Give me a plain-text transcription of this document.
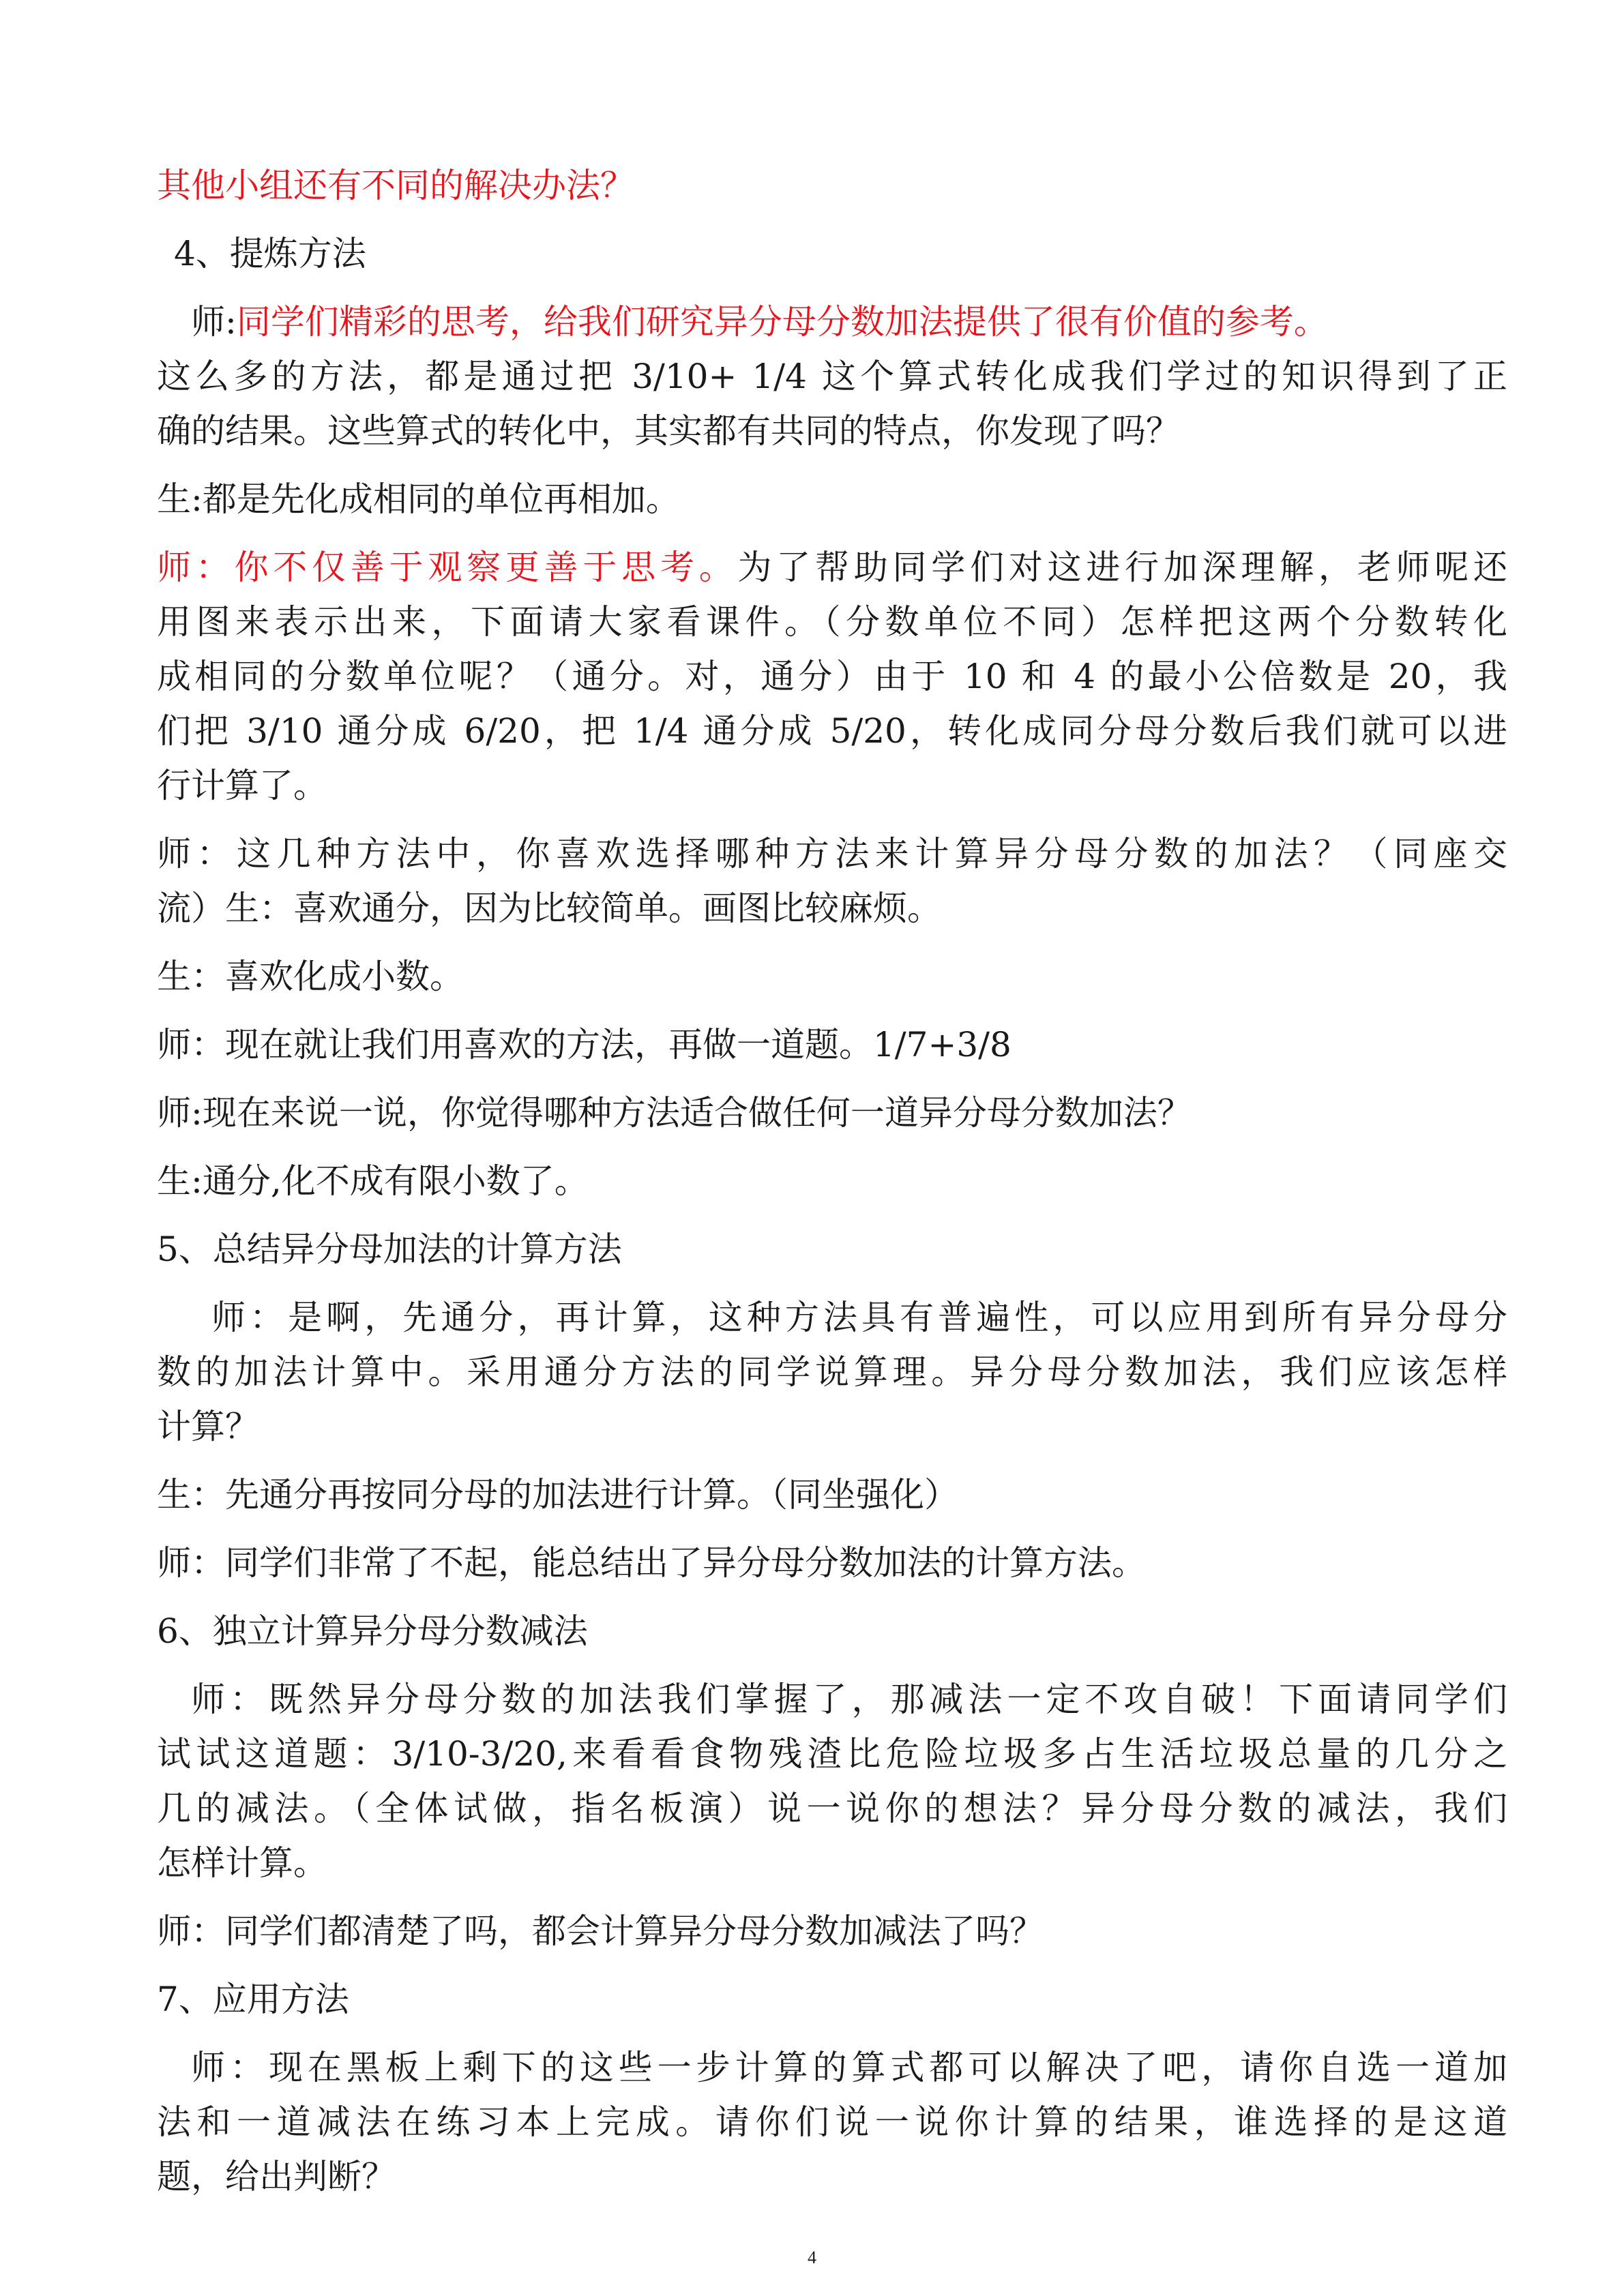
其他小组还有不同的解决办法？
4、提炼方法
师:同学们精彩的思考，给我们研究异分母分数加法提供了很有价值的参考。
这么多的方法，都是通过把 3/10+ 1/4 这个算式转化成我们学过的知识得到了正
确的结果。这些算式的转化中，其实都有共同的特点，你发现了吗？
生:都是先化成相同的单位再相加。
师：你不仅善于观察更善于思考。为了帮助同学们对这进行加深理解，老师呢还
用图来表示出来，下面请大家看课件。（分数单位不同）怎样把这两个分数转化
成相同的分数单位呢？（通分。对，通分）由于 10 和 4 的最小公倍数是 20，我
们把 3/10 通分成 6/20，把 1/4 通分成 5/20，转化成同分母分数后我们就可以进
行计算了。
师：这几种方法中，你喜欢选择哪种方法来计算异分母分数的加法？（同座交
流）生：喜欢通分，因为比较简单。画图比较麻烦。
生：喜欢化成小数。
师：现在就让我们用喜欢的方法，再做一道题。1/7+3/8
师:现在来说一说，你觉得哪种方法适合做任何一道异分母分数加法？
生:通分,化不成有限小数了。
5、总结异分母加法的计算方法
师：是啊，先通分，再计算，这种方法具有普遍性，可以应用到所有异分母分
数的加法计算中。采用通分方法的同学说算理。异分母分数加法，我们应该怎样
计算？
生：先通分再按同分母的加法进行计算。（同坐强化）
师：同学们非常了不起，能总结出了异分母分数加法的计算方法。
6、独立计算异分母分数减法
师：既然异分母分数的加法我们掌握了，那减法一定不攻自破！下面请同学们
试试这道题：3/10-3/20,来看看食物残渣比危险垃圾多占生活垃圾总量的几分之
几的减法。（全体试做，指名板演）说一说你的想法？异分母分数的减法，我们
怎样计算。
师：同学们都清楚了吗，都会计算异分母分数加减法了吗？
7、应用方法
师：现在黑板上剩下的这些一步计算的算式都可以解决了吧，请你自选一道加
法和一道减法在练习本上完成。请你们说一说你计算的结果，谁选择的是这道
题，给出判断？
4
